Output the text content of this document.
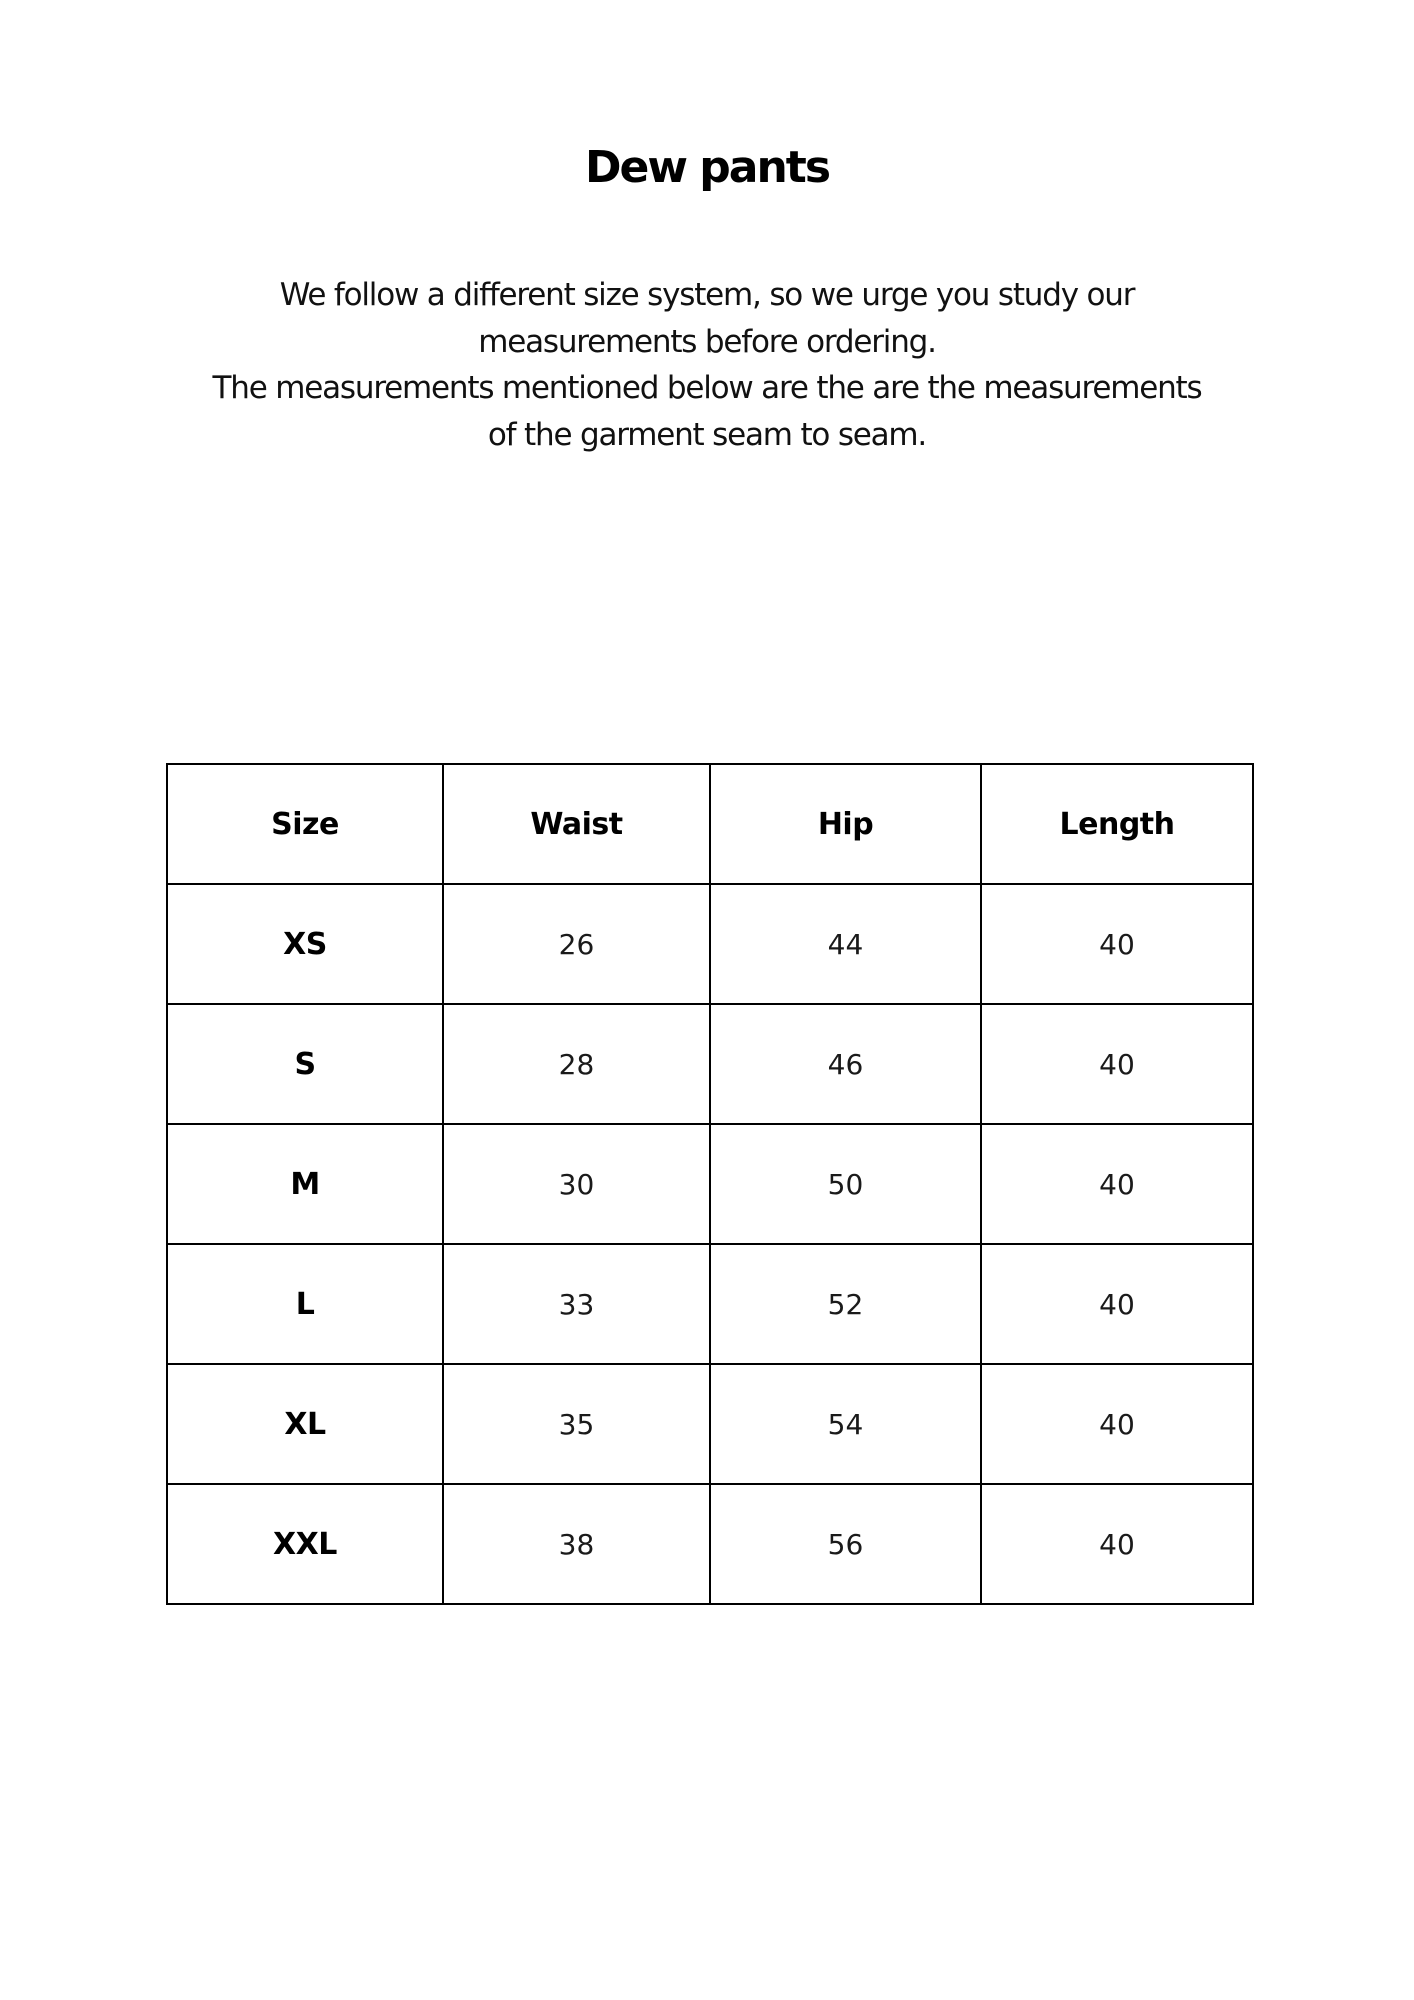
Dew pants

We follow a different size system, so we urge you study our

measurements before ordering.

The measurements mentioned below are the are the measurements

of the garment seam to seam.

Size	Waist	Hip	Length
XS	26	44	40
S	28	46	40
M	30	50	40
L	33	52	40
XL	35	54	40
XXL	38	56	40
